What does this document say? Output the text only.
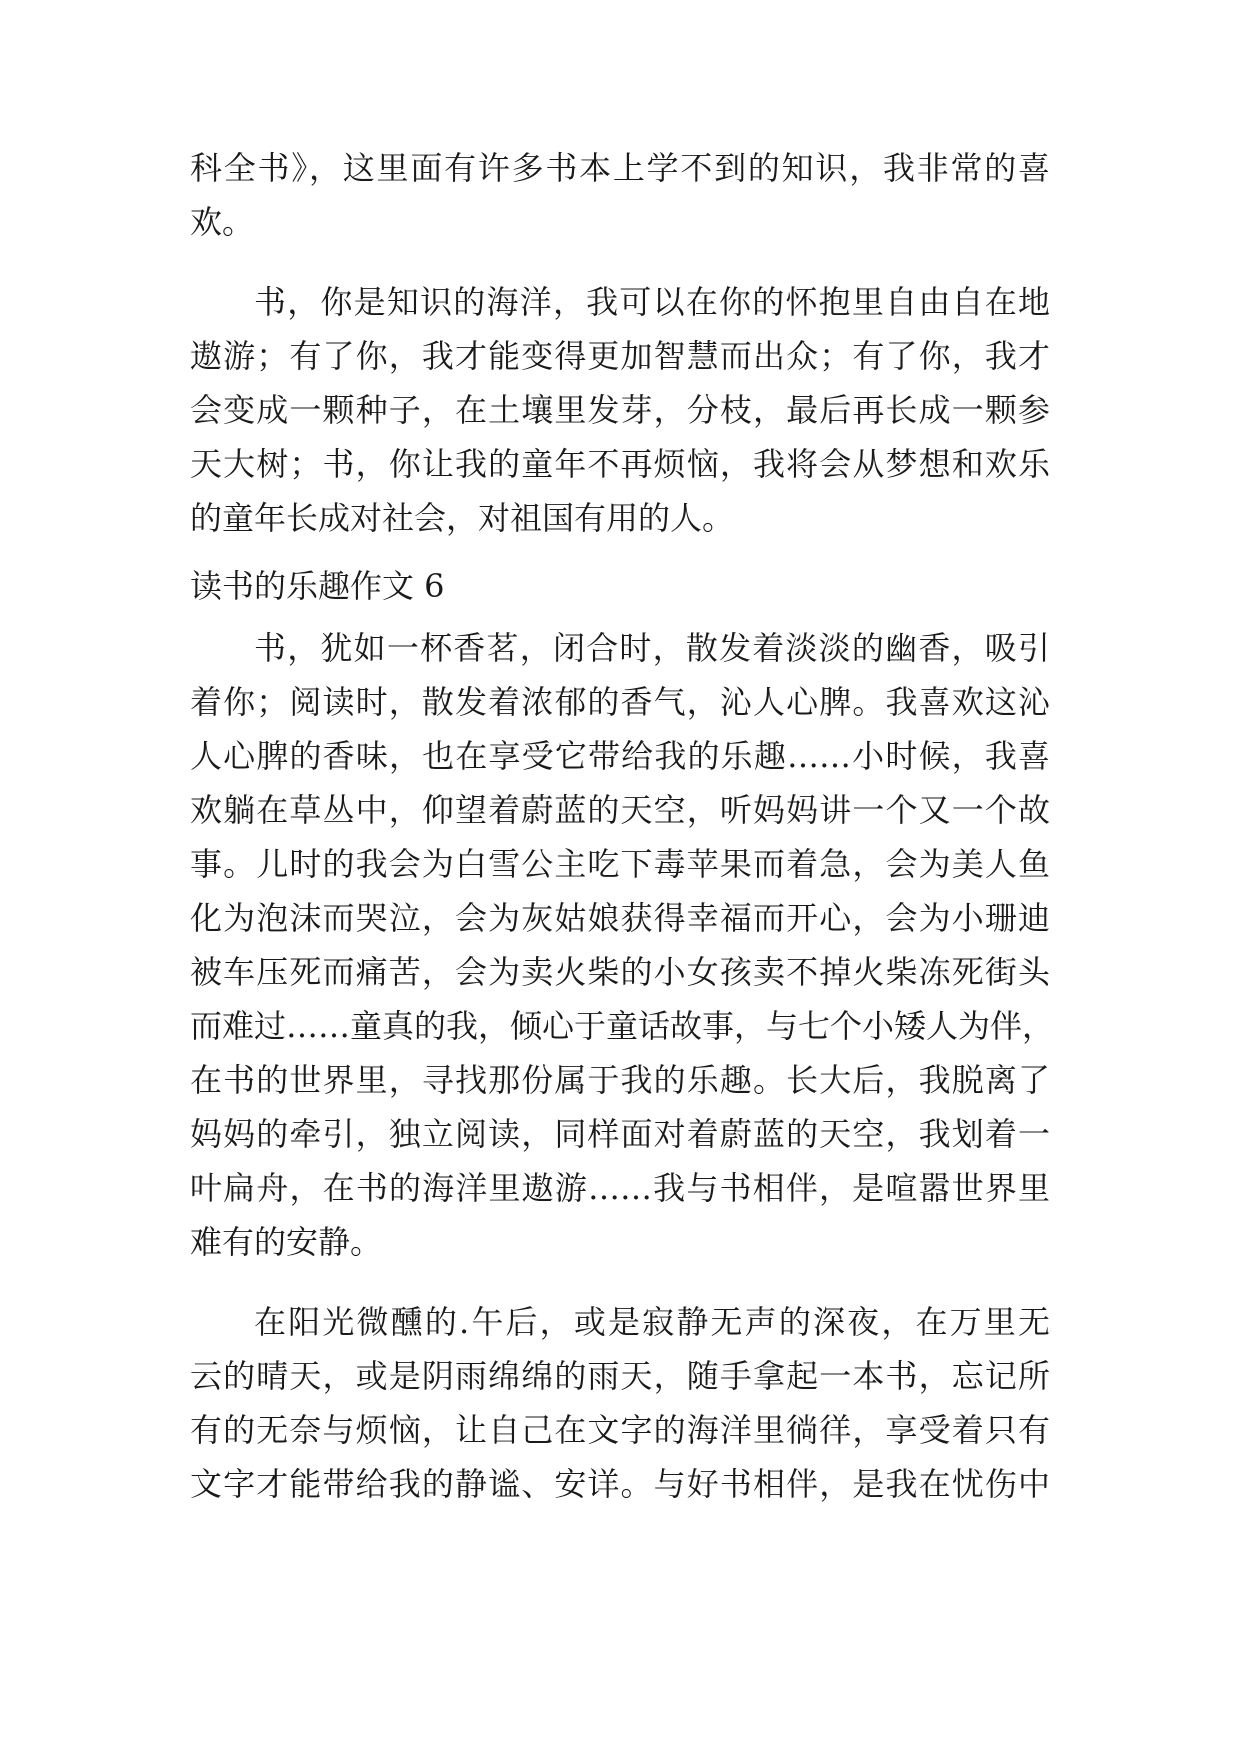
科全书》，这里面有许多书本上学不到的知识，我非常的喜
欢。
书，你是知识的海洋，我可以在你的怀抱里自由自在地
遨游；有了你，我才能变得更加智慧而出众；有了你，我才
会变成一颗种子，在土壤里发芽，分枝，最后再长成一颗参
天大树；书，你让我的童年不再烦恼，我将会从梦想和欢乐
的童年长成对社会，对祖国有用的人。
读书的乐趣作文 6
书，犹如一杯香茗，闭合时，散发着淡淡的幽香，吸引
着你；阅读时，散发着浓郁的香气，沁人心脾。我喜欢这沁
人心脾的香味，也在享受它带给我的乐趣……小时候，我喜
欢躺在草丛中，仰望着蔚蓝的天空，听妈妈讲一个又一个故
事。儿时的我会为白雪公主吃下毒苹果而着急，会为美人鱼
化为泡沫而哭泣，会为灰姑娘获得幸福而开心，会为小珊迪
被车压死而痛苦，会为卖火柴的小女孩卖不掉火柴冻死街头
而难过……童真的我，倾心于童话故事，与七个小矮人为伴，
在书的世界里，寻找那份属于我的乐趣。长大后，我脱离了
妈妈的牵引，独立阅读，同样面对着蔚蓝的天空，我划着一
叶扁舟，在书的海洋里遨游……我与书相伴，是喧嚣世界里
难有的安静。
在阳光微醺的.午后，或是寂静无声的深夜，在万里无
云的晴天，或是阴雨绵绵的雨天，随手拿起一本书，忘记所
有的无奈与烦恼，让自己在文字的海洋里徜徉，享受着只有
文字才能带给我的静谧、安详。与好书相伴，是我在忧伤中
